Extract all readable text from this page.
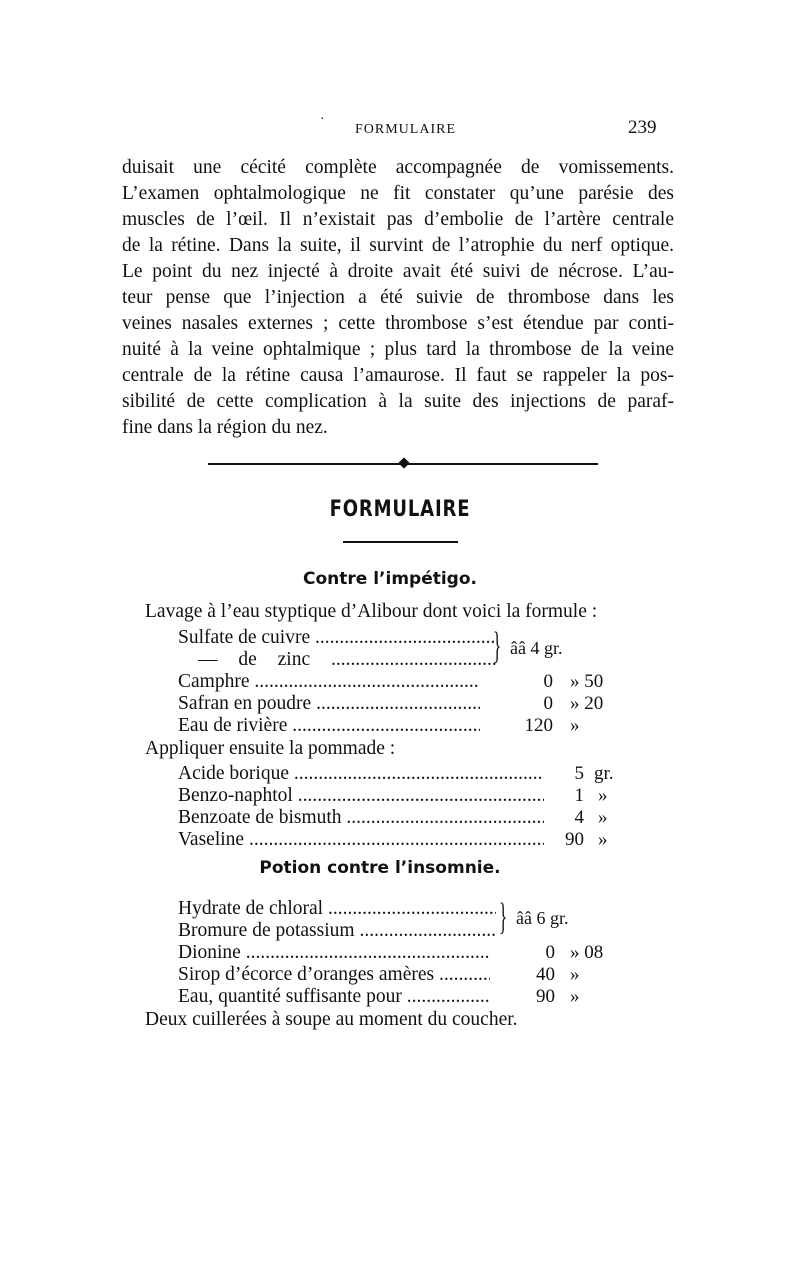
·
FORMULAIRE	239
duisait une cécité complète accompagnée de vomissements.
L’examen ophtalmologique ne fit constater qu’une parésie des
muscles de l’œil. Il n’existait pas d’embolie de l’artère centrale
de la rétine. Dans la suite, il survint de l’atrophie du nerf optique.
Le point du nez injecté à droite avait été suivi de nécrose. L’au-
teur pense que l’injection a été suivie de thrombose dans les
veines nasales externes ; cette thrombose s’est étendue par conti-
nuité à la veine ophtalmique ; plus tard la thrombose de la veine
centrale de la rétine causa l’amaurose. Il faut se rappeler la pos-
sibilité de cette complication à la suite des injections de paraf-
fine dans la région du nez.
FORMULAIRE
Contre l’impétigo.
Lavage à l’eau styptique d’Alibour dont voici la formule :
Sulfate de cuivre .....
— de zinc .....	} ââ 4 gr.
Camphre .....	0 » 50
Safran en poudre .....	0 » 20
Eau de rivière .....	120 »
Appliquer ensuite la pommade :
Acide borique .....	5 gr.
Benzo-naphtol .....	1 »
Benzoate de bismuth .....	4 »
Vaseline .....	90 »
Potion contre l’insomnie.
Hydrate de chloral .....
Bromure de potassium .....	} ââ 6 gr.
Dionine .....	0 » 08
Sirop d’écorce d’oranges amères .....	40 »
Eau, quantité suffisante pour .....	90 »
Deux cuillerées à soupe au moment du coucher.
